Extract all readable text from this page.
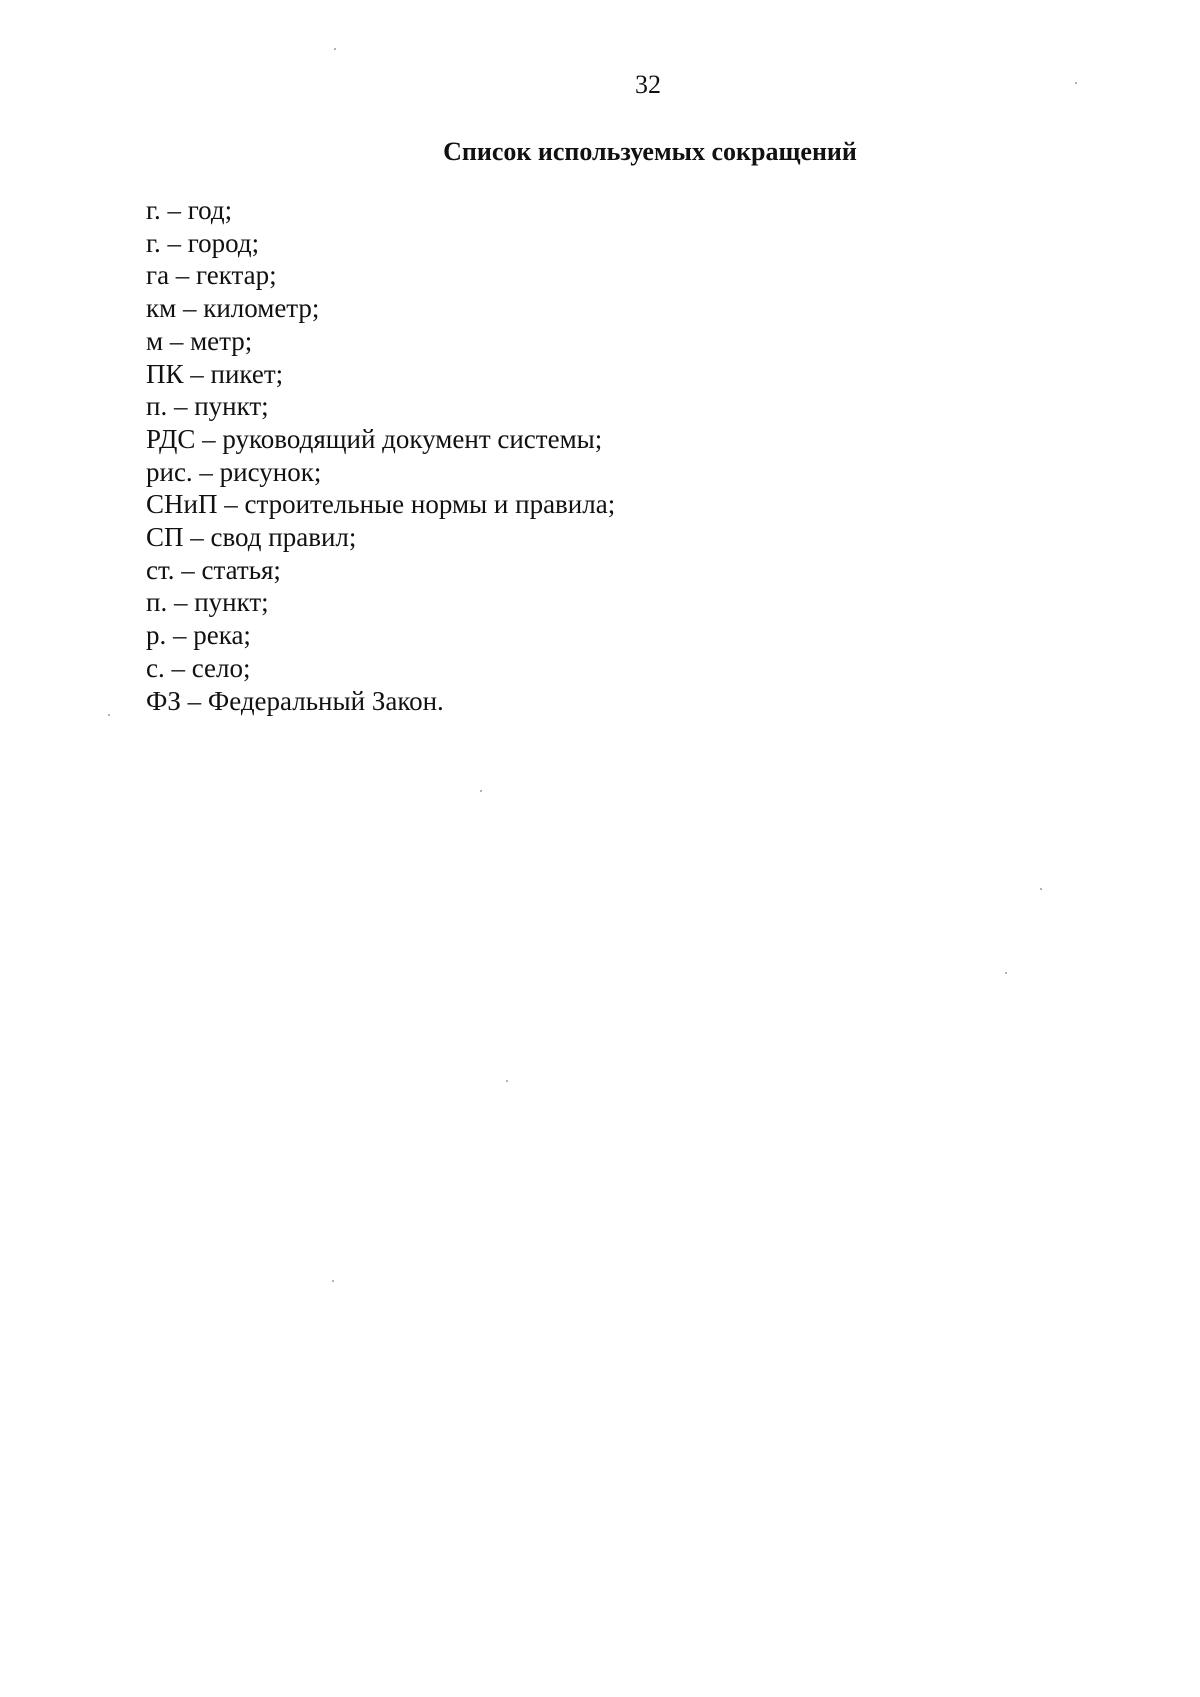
32
Список используемых сокращений
г. – год;
г. – город;
га – гектар;
км – километр;
м – метр;
ПК – пикет;
п. – пункт;
РДС – руководящий документ системы;
рис. – рисунок;
СНиП – строительные нормы и правила;
СП – свод правил;
ст. – статья;
п. – пункт;
р. – река;
с. – село;
ФЗ – Федеральный Закон.
